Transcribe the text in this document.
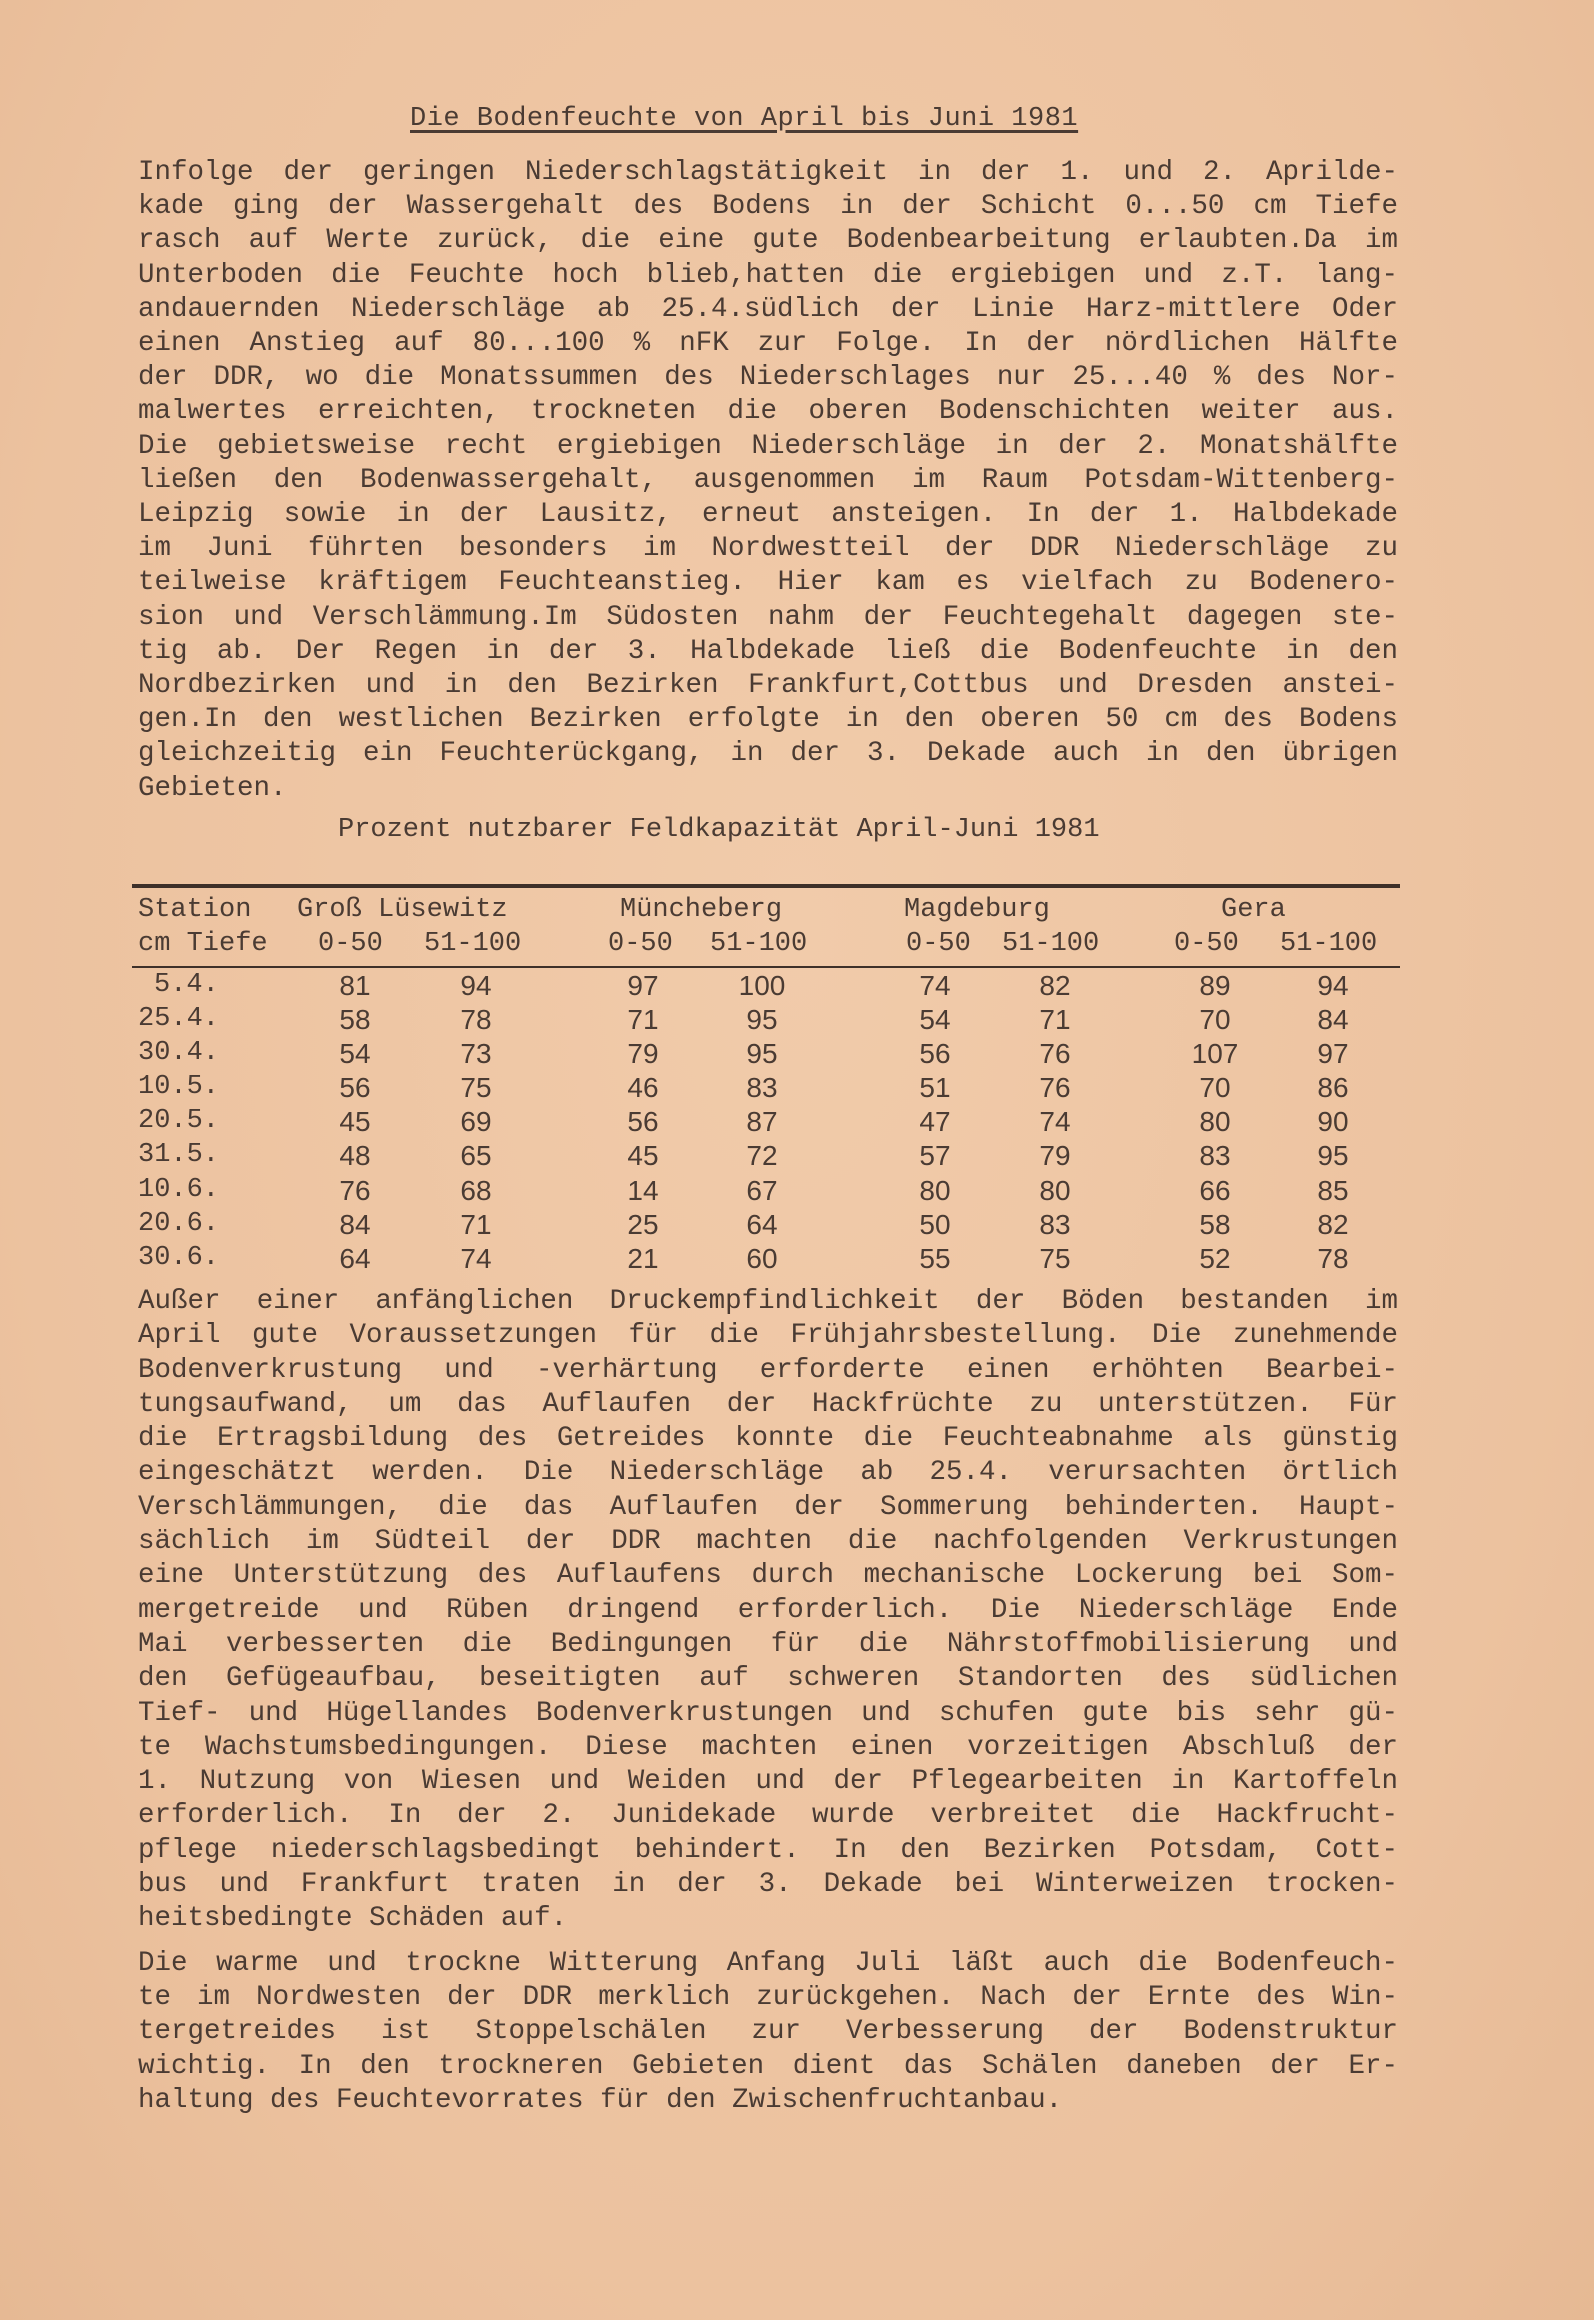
Die Bodenfeuchte von April bis Juni 1981
Infolge der geringen Niederschlagstätigkeit in der 1. und 2. Aprilde-
kade ging der Wassergehalt des Bodens in der Schicht 0...50 cm Tiefe
rasch auf Werte zurück, die eine gute Bodenbearbeitung erlaubten.Da im
Unterboden die Feuchte hoch blieb,hatten die ergiebigen und z.T. lang-
andauernden Niederschläge ab 25.4.südlich der Linie Harz-mittlere Oder
einen Anstieg auf 80...100 % nFK zur Folge. In der nördlichen Hälfte
der DDR, wo die Monatssummen des Niederschlages nur 25...40 % des Nor-
malwertes erreichten, trockneten die oberen Bodenschichten weiter aus.
Die gebietsweise recht ergiebigen Niederschläge in der 2. Monatshälfte
ließen den Bodenwassergehalt, ausgenommen im Raum Potsdam-Wittenberg-
Leipzig sowie in der Lausitz, erneut ansteigen. In der 1. Halbdekade
im Juni führten besonders im Nordwestteil der DDR Niederschläge zu
teilweise kräftigem Feuchteanstieg. Hier kam es vielfach zu Bodenero-
sion und Verschlämmung.Im Südosten nahm der Feuchtegehalt dagegen ste-
tig ab. Der Regen in der 3. Halbdekade ließ die Bodenfeuchte in den
Nordbezirken und in den Bezirken Frankfurt,Cottbus und Dresden anstei-
gen.In den westlichen Bezirken erfolgte in den oberen 50 cm des Bodens
gleichzeitig ein Feuchterückgang, in der 3. Dekade auch in den übrigen
Gebieten.
Prozent nutzbarer Feldkapazität April-Juni 1981
Station Groß Lüsewitz	Müncheberg	Magdeburg	Gera
cm Tiefe 0-50 51-100	0-50 51-100	0-50 51-100	0-50 51-100
5.4.	81	94	97	100	74	82	89	94
25.4.	58	78	71	95	54	71	70	84
30.4.	54	73	79	95	56	76	107	97
10.5.	56	75	46	83	51	76	70	86
20.5.	45	69	56	87	47	74	80	90
31.5.	48	65	45	72	57	79	83	95
10.6.	76	68	14	67	80	80	66	85
20.6.	84	71	25	64	50	83	58	82
30.6.	64	74	21	60	55	75	52	78
Außer einer anfänglichen Druckempfindlichkeit der Böden bestanden im
April gute Voraussetzungen für die Frühjahrsbestellung. Die zunehmende
Bodenverkrustung und -verhärtung erforderte einen erhöhten Bearbei-
tungsaufwand, um das Auflaufen der Hackfrüchte zu unterstützen. Für
die Ertragsbildung des Getreides konnte die Feuchteabnahme als günstig
eingeschätzt werden. Die Niederschläge ab 25.4. verursachten örtlich
Verschlämmungen, die das Auflaufen der Sommerung behinderten. Haupt-
sächlich im Südteil der DDR machten die nachfolgenden Verkrustungen
eine Unterstützung des Auflaufens durch mechanische Lockerung bei Som-
mergetreide und Rüben dringend erforderlich. Die Niederschläge Ende
Mai verbesserten die Bedingungen für die Nährstoffmobilisierung und
den Gefügeaufbau, beseitigten auf schweren Standorten des südlichen
Tief- und Hügellandes Bodenverkrustungen und schufen gute bis sehr gü-
te Wachstumsbedingungen. Diese machten einen vorzeitigen Abschluß der
1. Nutzung von Wiesen und Weiden und der Pflegearbeiten in Kartoffeln
erforderlich. In der 2. Junidekade wurde verbreitet die Hackfrucht-
pflege niederschlagsbedingt behindert. In den Bezirken Potsdam, Cott-
bus und Frankfurt traten in der 3. Dekade bei Winterweizen trocken-
heitsbedingte Schäden auf.
Die warme und trockne Witterung Anfang Juli läßt auch die Bodenfeuch-
te im Nordwesten der DDR merklich zurückgehen. Nach der Ernte des Win-
tergetreides ist Stoppelschälen zur Verbesserung der Bodenstruktur
wichtig. In den trockneren Gebieten dient das Schälen daneben der Er-
haltung des Feuchtevorrates für den Zwischenfruchtanbau.
